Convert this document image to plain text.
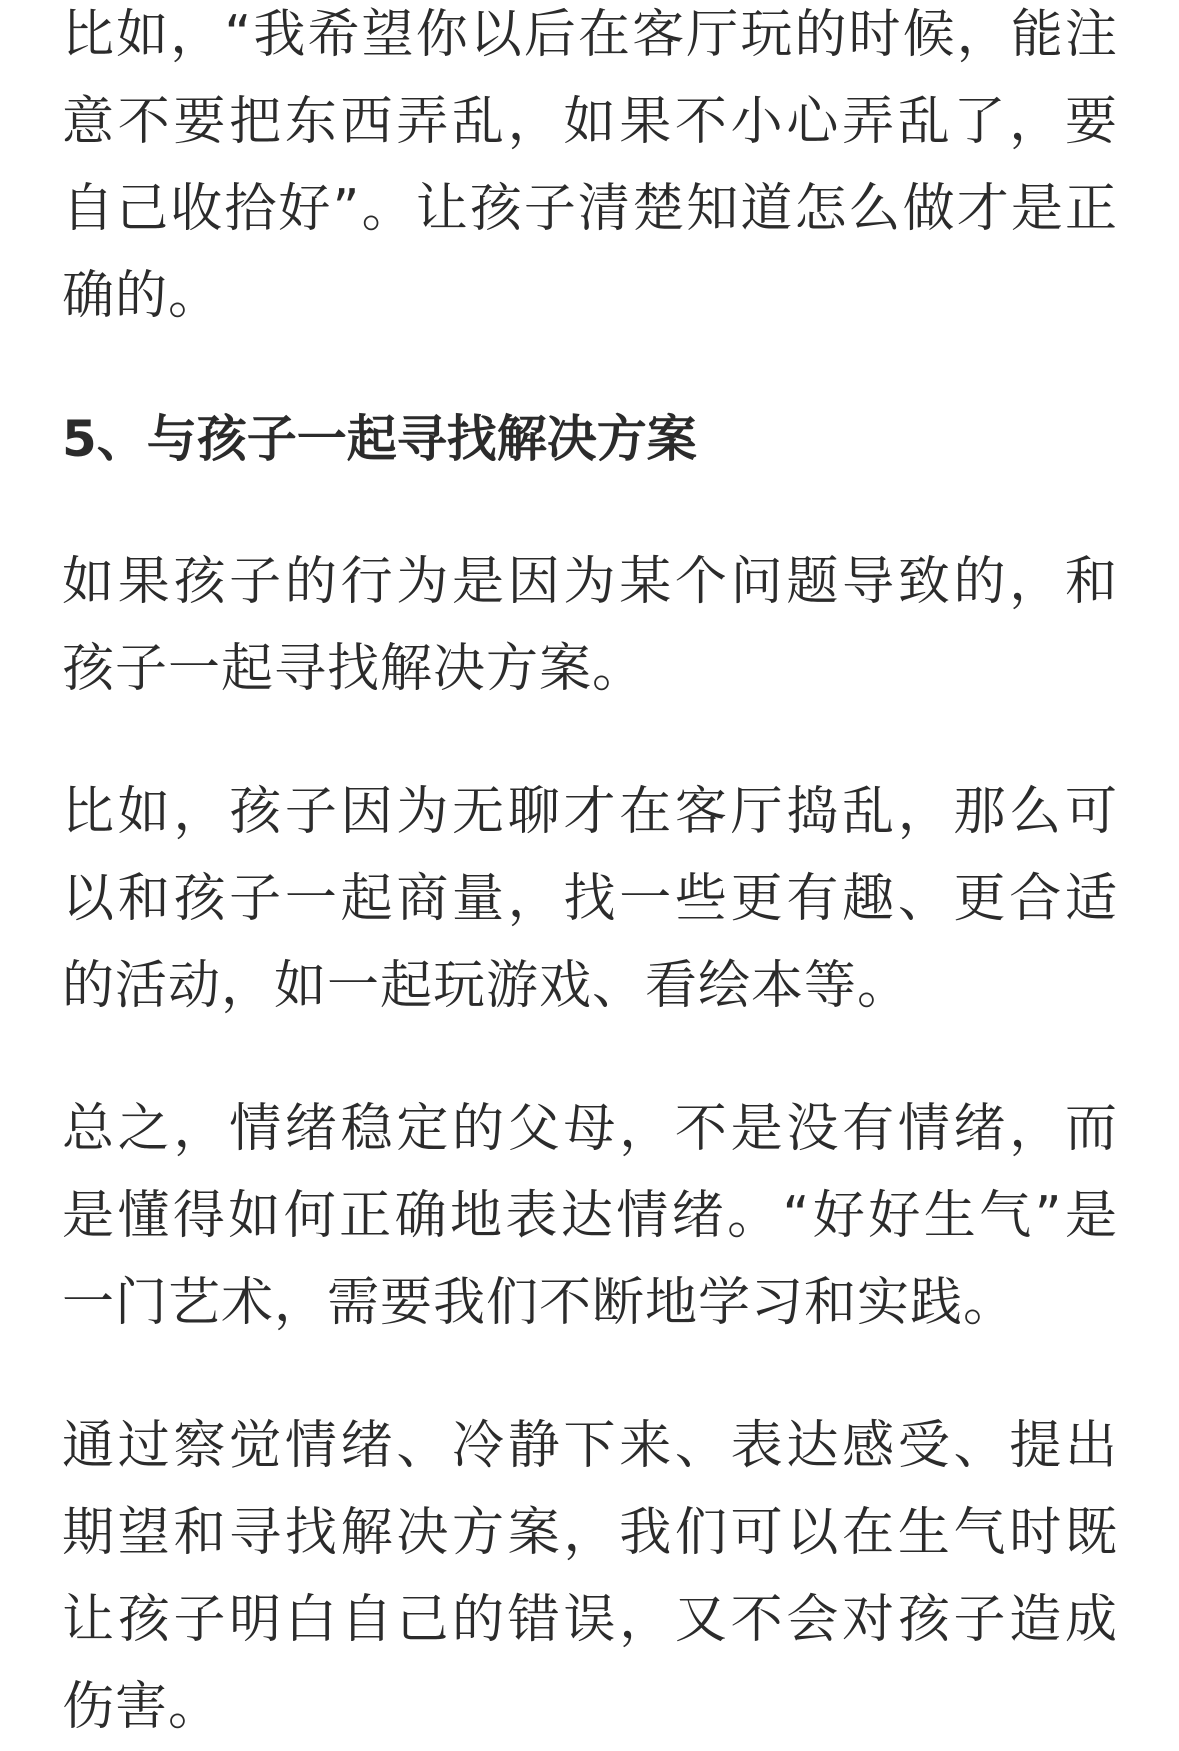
比如，“我希望你以后在客厅玩的时候，能注意不要把东西弄乱，如果不小心弄乱了，要自己收拾好”。让孩子清楚知道怎么做才是正确的。

5、与孩子一起寻找解决方案

如果孩子的行为是因为某个问题导致的，和孩子一起寻找解决方案。

比如，孩子因为无聊才在客厅捣乱，那么可以和孩子一起商量，找一些更有趣、更合适的活动，如一起玩游戏、看绘本等。

总之，情绪稳定的父母，不是没有情绪，而是懂得如何正确地表达情绪。“好好生气”是一门艺术，需要我们不断地学习和实践。

通过察觉情绪、冷静下来、表达感受、提出期望和寻找解决方案，我们可以在生气时既让孩子明白自己的错误，又不会对孩子造成伤害。
